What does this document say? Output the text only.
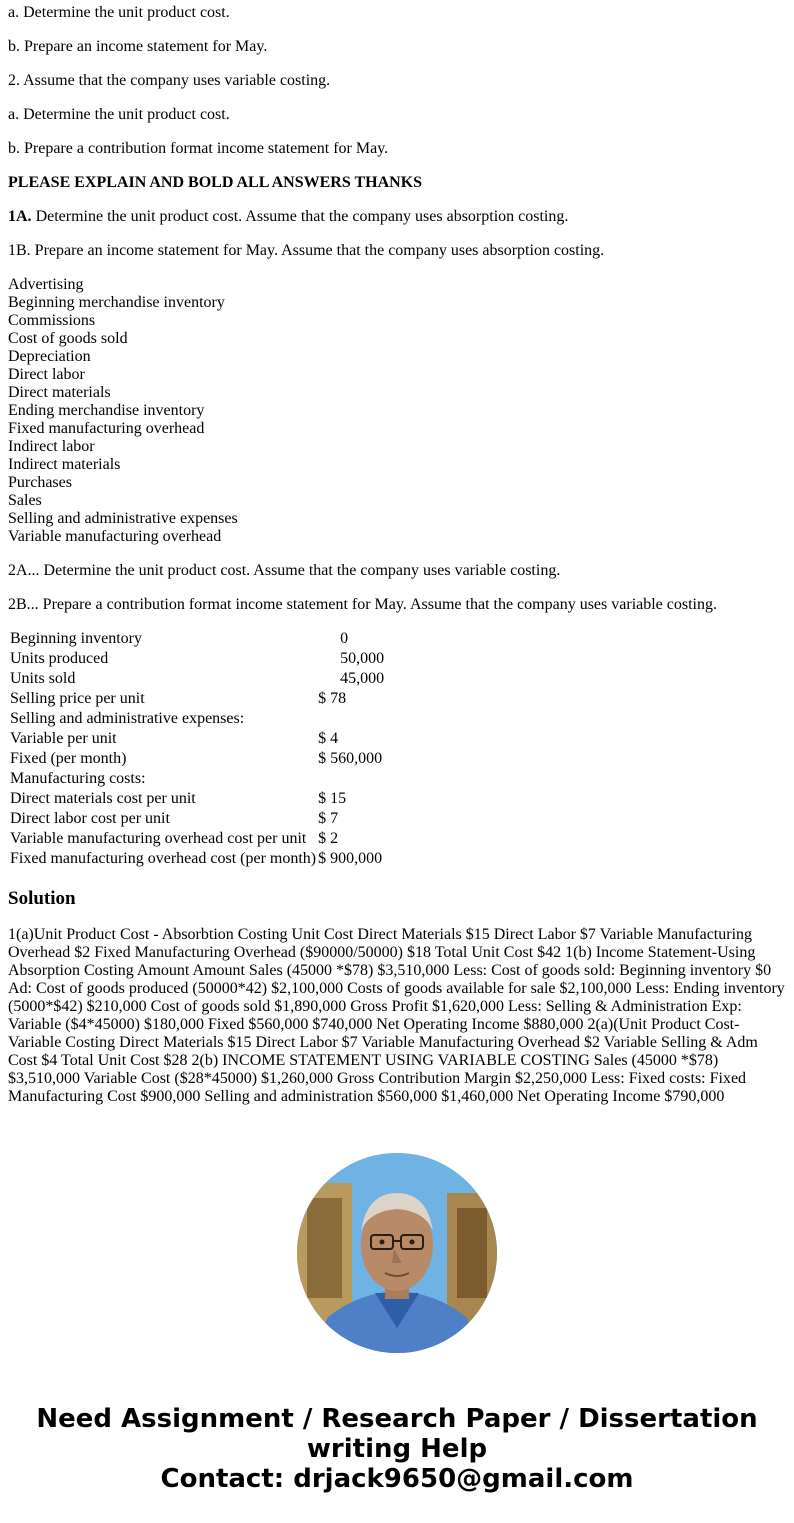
a. Determine the unit product cost.

b. Prepare an income statement for May.

2. Assume that the company uses variable costing.

a. Determine the unit product cost.

b. Prepare a contribution format income statement for May.

PLEASE EXPLAIN AND BOLD ALL ANSWERS THANKS

1A. Determine the unit product cost. Assume that the company uses absorption costing.

1B. Prepare an income statement for May. Assume that the company uses absorption costing.

Advertising
Beginning merchandise inventory
Commissions
Cost of goods sold
Depreciation
Direct labor
Direct materials
Ending merchandise inventory
Fixed manufacturing overhead
Indirect labor
Indirect materials
Purchases
Sales
Selling and administrative expenses
Variable manufacturing overhead

2A... Determine the unit product cost. Assume that the company uses variable costing.

2B... Prepare a contribution format income statement for May. Assume that the company uses variable costing.

Beginning inventory		0
Units produced		50,000
Units sold		45,000
Selling price per unit	$	78
Selling and administrative expenses:		
Variable per unit	$	4
Fixed (per month)	$	560,000
Manufacturing costs:		
Direct materials cost per unit	$	15
Direct labor cost per unit	$	7
Variable manufacturing overhead cost per unit	$	2
Fixed manufacturing overhead cost (per month)	$	900,000
Solution

1(a)Unit Product Cost - Absorbtion Costing Unit Cost Direct Materials $15 Direct Labor $7 Variable Manufacturing Overhead $2 Fixed Manufacturing Overhead ($90000/50000) $18 Total Unit Cost $42 1(b) Income Statement-Using Absorption Costing Amount Amount Sales (45000 *$78) $3,510,000 Less: Cost of goods sold: Beginning inventory $0 Ad: Cost of goods produced (50000*42) $2,100,000 Costs of goods available for sale $2,100,000 Less: Ending inventory (5000*$42) $210,000 Cost of goods sold $1,890,000 Gross Profit $1,620,000 Less: Selling & Administration Exp: Variable ($4*45000) $180,000 Fixed $560,000 $740,000 Net Operating Income $880,000 2(a)(Unit Product Cost-Variable Costing Direct Materials $15 Direct Labor $7 Variable Manufacturing Overhead $2 Variable Selling & Adm Cost $4 Total Unit Cost $28 2(b) INCOME STATEMENT USING VARIABLE COSTING Sales (45000 *$78) $3,510,000 Variable Cost ($28*45000) $1,260,000 Gross Contribution Margin $2,250,000 Less: Fixed costs: Fixed Manufacturing Cost $900,000 Selling and administration $560,000 $1,460,000 Net Operating Income $790,000

Need Assignment / Research Paper / Dissertation
writing Help
Contact: drjack9650@gmail.com
